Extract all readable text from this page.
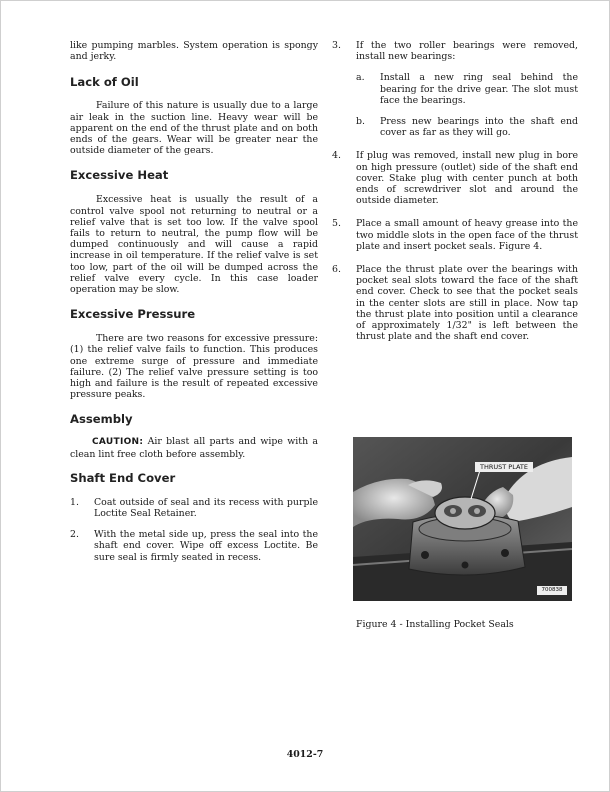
like pumping marbles. System operation is spongy and jerky.

Lack of Oil

Failure of this nature is usually due to a large air leak in the suction line. Heavy wear will be apparent on the end of the thrust plate and on both ends of the gears. Wear will be greater near the outside diameter of the gears.

Excessive Heat

Excessive heat is usually the result of a control valve spool not returning to neutral or a relief valve that is set too low. If the valve spool fails to return to neutral, the pump flow will be dumped continuously and will cause a rapid increase in oil temperature. If the relief valve is set too low, part of the oil will be dumped across the relief valve every cycle. In this case loader operation may be slow.

Excessive Pressure

There are two reasons for excessive pressure: (1) the relief valve fails to function. This produces one extreme surge of pressure and immediate failure. (2) The relief valve pressure setting is too high and failure is the result of repeated excessive pressure peaks.

Assembly

CAUTION: Air blast all parts and wipe with a clean lint free cloth before assembly.

Shaft End Cover
1. Coat outside of seal and its recess with purple Loctite Seal Retainer.

2. With the metal side up, press the seal into the shaft end cover. Wipe off excess Loctite. Be sure seal is firmly seated in recess.

3. If the two roller bearings were removed, install new bearings:

a. Install a new ring seal behind the bearing for the drive gear. The slot must face the bearings.

b. Press new bearings into the shaft end cover as far as they will go.

4. If plug was removed, install new plug in bore on high pressure (outlet) side of the shaft end cover. Stake plug with center punch at both ends of screwdriver slot and around the outside diameter.

5. Place a small amount of heavy grease into the two middle slots in the open face of the thrust plate and insert pocket seals. Figure 4.

6. Place the thrust plate over the bearings with pocket seal slots toward the face of the shaft end cover. Check to see that the pocket seals in the center slots are still in place. Now tap the thrust plate into position until a clearance of approximately 1/32" is left between the thrust plate and the shaft end cover.

THRUST PLATE
700838
Figure 4 - Installing Pocket Seals
4012-7
